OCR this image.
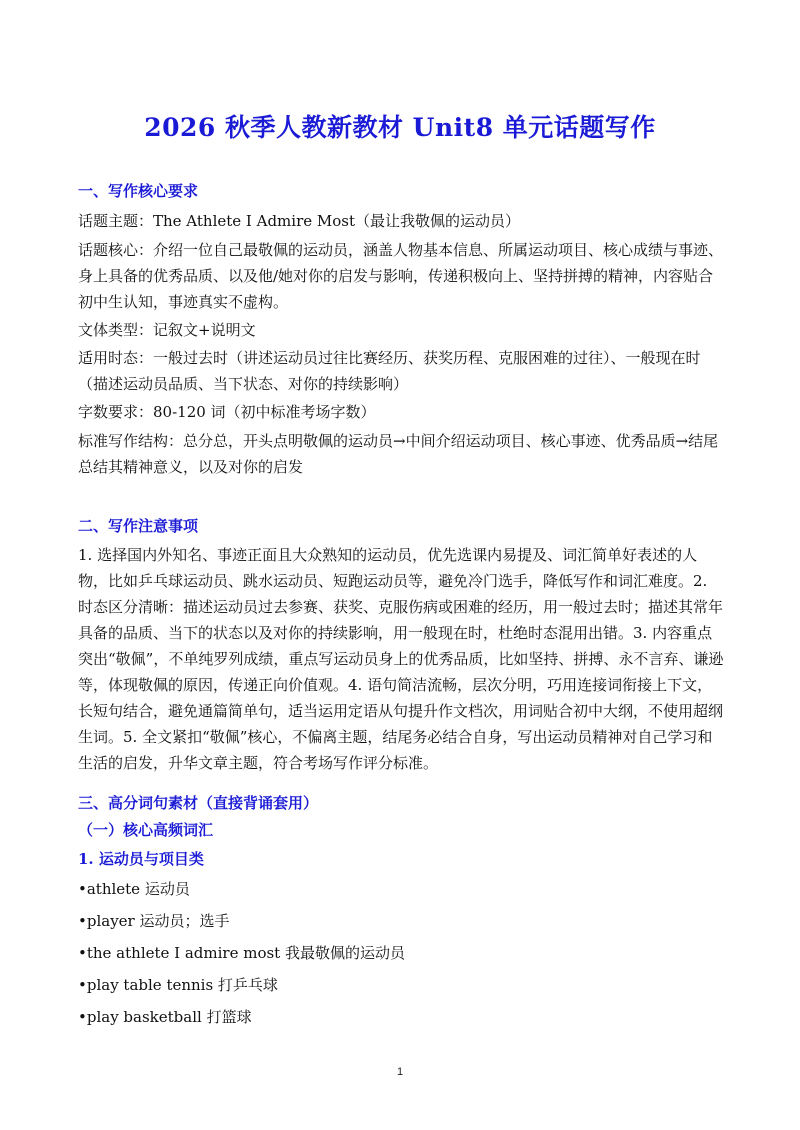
2026 秋季人教新教材 Unit8 单元话题写作
一、写作核心要求
话题主题：The Athlete I Admire Most（最让我敬佩的运动员）
话题核心：介绍一位自己最敬佩的运动员，涵盖人物基本信息、所属运动项目、核心成绩与事迹、身上具备的优秀品质、以及他/她对你的启发与影响，传递积极向上、坚持拼搏的精神，内容贴合初中生认知，事迹真实不虚构。
文体类型：记叙文+说明文
适用时态：一般过去时（讲述运动员过往比赛经历、获奖历程、克服困难的过往）、一般现在时（描述运动员品质、当下状态、对你的持续影响）
字数要求：80-120 词（初中标准考场字数）
标准写作结构：总分总，开头点明敬佩的运动员→中间介绍运动项目、核心事迹、优秀品质→结尾总结其精神意义，以及对你的启发
二、写作注意事项
1. 选择国内外知名、事迹正面且大众熟知的运动员，优先选课内易提及、词汇简单好表述的人物，比如乒乓球运动员、跳水运动员、短跑运动员等，避免冷门选手，降低写作和词汇难度。2. 时态区分清晰：描述运动员过去参赛、获奖、克服伤病或困难的经历，用一般过去时；描述其常年具备的品质、当下的状态以及对你的持续影响，用一般现在时，杜绝时态混用出错。3. 内容重点突出“敬佩”，不单纯罗列成绩，重点写运动员身上的优秀品质，比如坚持、拼搏、永不言弃、谦逊等，体现敬佩的原因，传递正向价值观。4. 语句简洁流畅，层次分明，巧用连接词衔接上下文，长短句结合，避免通篇简单句，适当运用定语从句提升作文档次，用词贴合初中大纲，不使用超纲生词。5. 全文紧扣“敬佩”核心，不偏离主题，结尾务必结合自身，写出运动员精神对自己学习和生活的启发，升华文章主题，符合考场写作评分标准。
三、高分词句素材（直接背诵套用）
（一）核心高频词汇
1. 运动员与项目类
•athlete 运动员
•player 运动员；选手
•the athlete I admire most 我最敬佩的运动员
•play table tennis 打乒乓球
•play basketball 打篮球
1
